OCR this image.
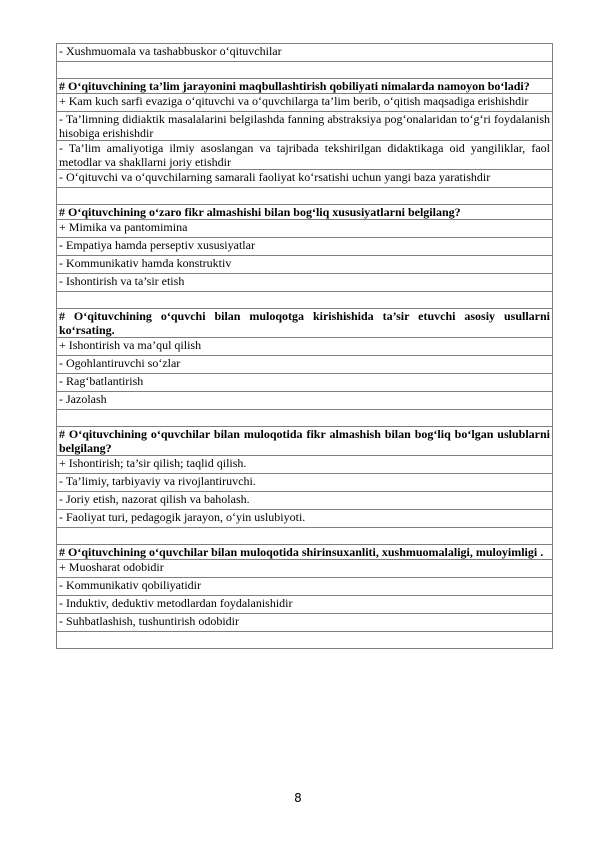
- Xushmuomala va tashabbuskor o‘qituvchilar

# O‘qituvchining ta’lim jarayonini maqbullashtirish qobiliyati nimalarda namoyon bo‘ladi?
+ Kam kuch sarfi evaziga o‘qituvchi va o‘quvchilarga ta’lim berib, o‘qitish maqsadiga erishishdir
- Ta’limning didiaktik masalalarini belgilashda fanning abstraksiya pog‘onalaridan to‘g‘ri foydalanish hisobiga erishishdir
- Ta’lim amaliyotiga ilmiy asoslangan va tajribada tekshirilgan didaktikaga oid yangiliklar, faol metodlar va shakllarni joriy etishdir
- O‘qituvchi va o‘quvchilarning samarali faoliyat ko‘rsatishi uchun yangi baza yaratishdir

# O‘qituvchining o‘zaro fikr almashishi bilan bog‘liq xususiyatlarni belgilang?
+ Mimika va pantomimina
- Empatiya hamda perseptiv xususiyatlar
- Kommunikativ hamda konstruktiv
- Ishontirish va ta’sir etish

# O‘qituvchining o‘quvchi bilan muloqotga kirishishida ta’sir etuvchi asosiy usullarni ko‘rsating.
+ Ishontirish va ma’qul qilish
- Ogohlantiruvchi so‘zlar
- Rag‘batlantirish
- Jazolash

# O‘qituvchining o‘quvchilar bilan muloqotida fikr almashish bilan bog‘liq bo‘lgan uslublarni belgilang?
+ Ishontirish; ta’sir qilish; taqlid qilish.
- Ta’limiy, tarbiyaviy va rivojlantiruvchi.
- Joriy etish, nazorat qilish va baholash.
- Faoliyat turi, pedagogik jarayon, o‘yin uslubiyoti.

# O‘qituvchining o‘quvchilar bilan muloqotida shirinsuxanliti, xushmuomalaligi, muloyimligi .
+ Muosharat odobidir
- Kommunikativ qobiliyatidir
- Induktiv, deduktiv metodlardan foydalanishidir
- Suhbatlashish, tushuntirish odobidir

8
